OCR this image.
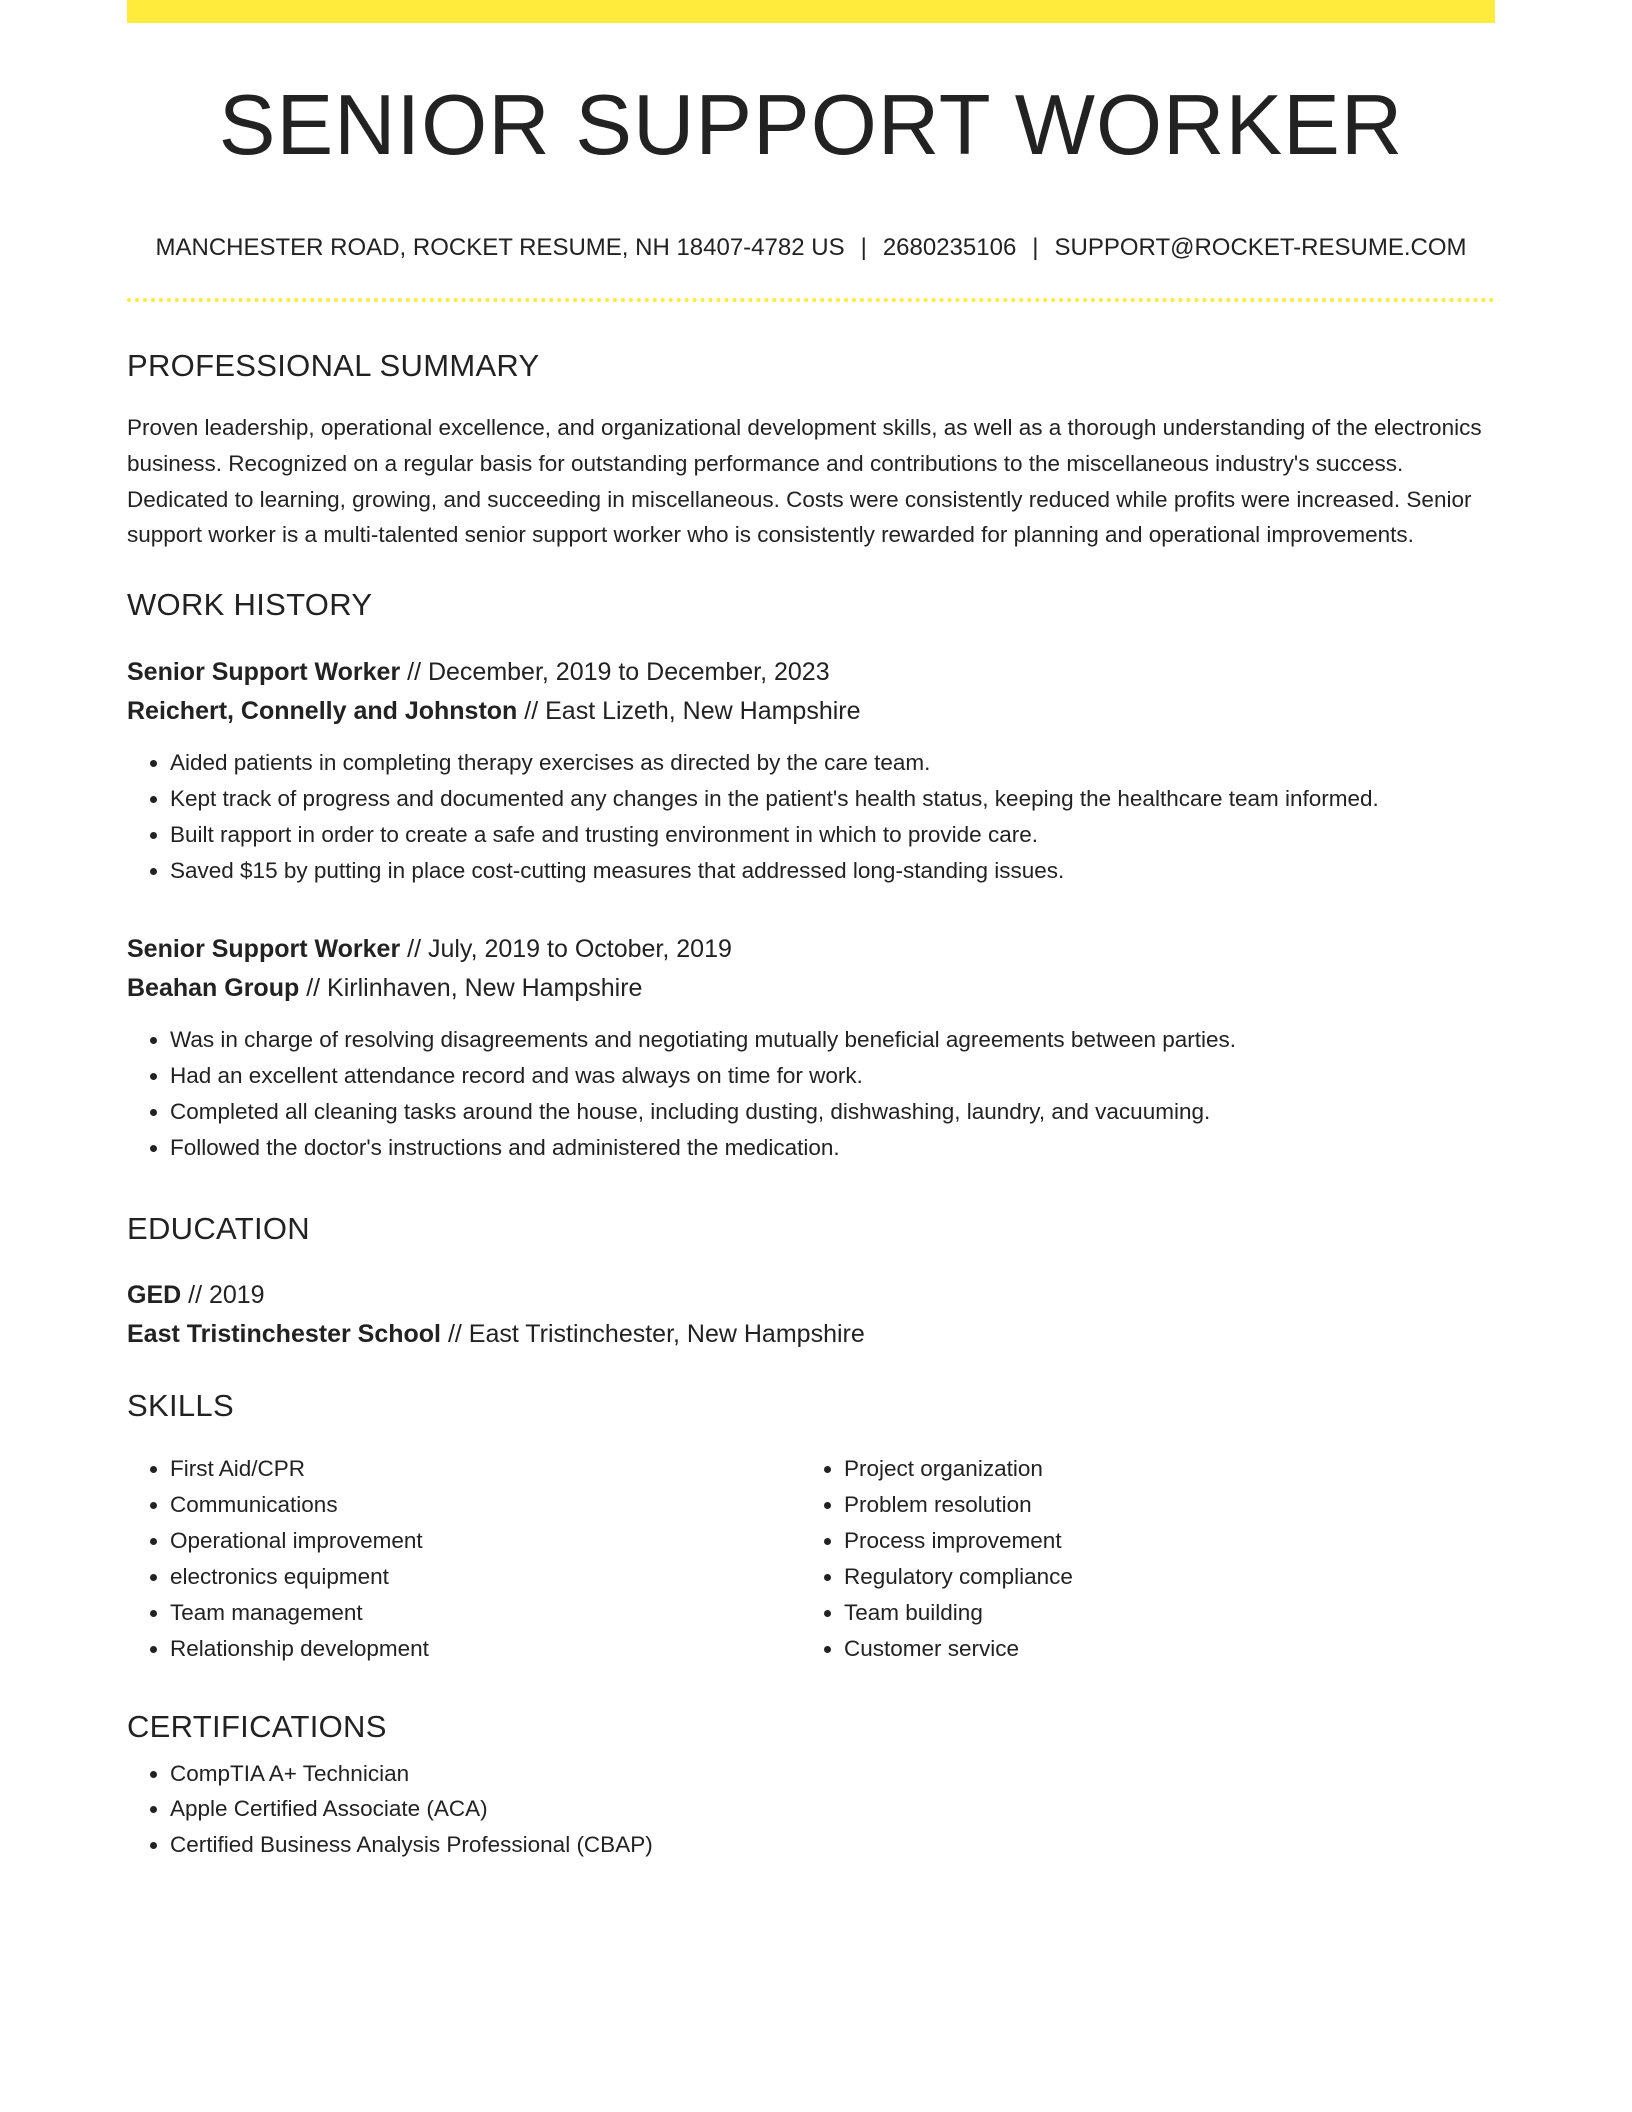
SENIOR SUPPORT WORKER
MANCHESTER ROAD, ROCKET RESUME, NH 18407-4782 US | 2680235106 | SUPPORT@ROCKET-RESUME.COM
PROFESSIONAL SUMMARY
Proven leadership, operational excellence, and organizational development skills, as well as a thorough understanding of the electronics business. Recognized on a regular basis for outstanding performance and contributions to the miscellaneous industry's success. Dedicated to learning, growing, and succeeding in miscellaneous. Costs were consistently reduced while profits were increased. Senior support worker is a multi-talented senior support worker who is consistently rewarded for planning and operational improvements.
WORK HISTORY
Senior Support Worker // December, 2019 to December, 2023
Reichert, Connelly and Johnston // East Lizeth, New Hampshire
• Aided patients in completing therapy exercises as directed by the care team.
• Kept track of progress and documented any changes in the patient's health status, keeping the healthcare team informed.
• Built rapport in order to create a safe and trusting environment in which to provide care.
• Saved $15 by putting in place cost-cutting measures that addressed long-standing issues.
Senior Support Worker // July, 2019 to October, 2019
Beahan Group // Kirlinhaven, New Hampshire
• Was in charge of resolving disagreements and negotiating mutually beneficial agreements between parties.
• Had an excellent attendance record and was always on time for work.
• Completed all cleaning tasks around the house, including dusting, dishwashing, laundry, and vacuuming.
• Followed the doctor's instructions and administered the medication.
EDUCATION
GED // 2019
East Tristinchester School // East Tristinchester, New Hampshire
SKILLS
• First Aid/CPR
• Communications
• Operational improvement
• electronics equipment
• Team management
• Relationship development
• Project organization
• Problem resolution
• Process improvement
• Regulatory compliance
• Team building
• Customer service
CERTIFICATIONS
• CompTIA A+ Technician
• Apple Certified Associate (ACA)
• Certified Business Analysis Professional (CBAP)
